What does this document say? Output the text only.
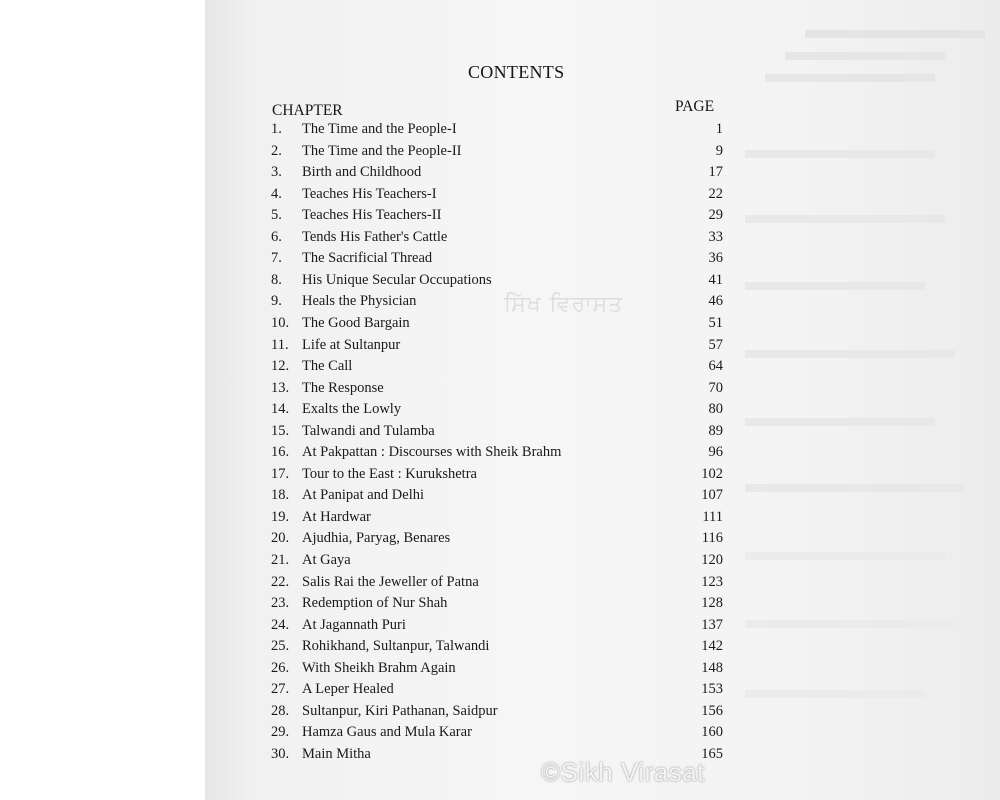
CONTENTS
CHAPTER	PAGE
1. The Time and the People-I	1
2. The Time and the People-II	9
3. Birth and Childhood	17
4. Teaches His Teachers-I	22
5. Teaches His Teachers-II	29
6. Tends His Father's Cattle	33
7. The Sacrificial Thread	36
8. His Unique Secular Occupations	41
9. Heals the Physician	46
10. The Good Bargain	51
11. Life at Sultanpur	57
12. The Call	64
13. The Response	70
14. Exalts the Lowly	80
15. Talwandi and Tulamba	89
16. At Pakpattan : Discourses with Sheik Brahm	96
17. Tour to the East : Kurukshetra	102
18. At Panipat and Delhi	107
19. At Hardwar	111
20. Ajudhia, Paryag, Benares	116
21. At Gaya	120
22. Salis Rai the Jeweller of Patna	123
23. Redemption of Nur Shah	128
24. At Jagannath Puri	137
25. Rohikhand, Sultanpur, Talwandi	142
26. With Sheikh Brahm Again	148
27. A Leper Healed	153
28. Sultanpur, Kiri Pathanan, Saidpur	156
29. Hamza Gaus and Mula Karar	160
30. Main Mitha	165
ਸਿੱਖ ਵਿਰਾਸਤ
©Sikh Virasat
